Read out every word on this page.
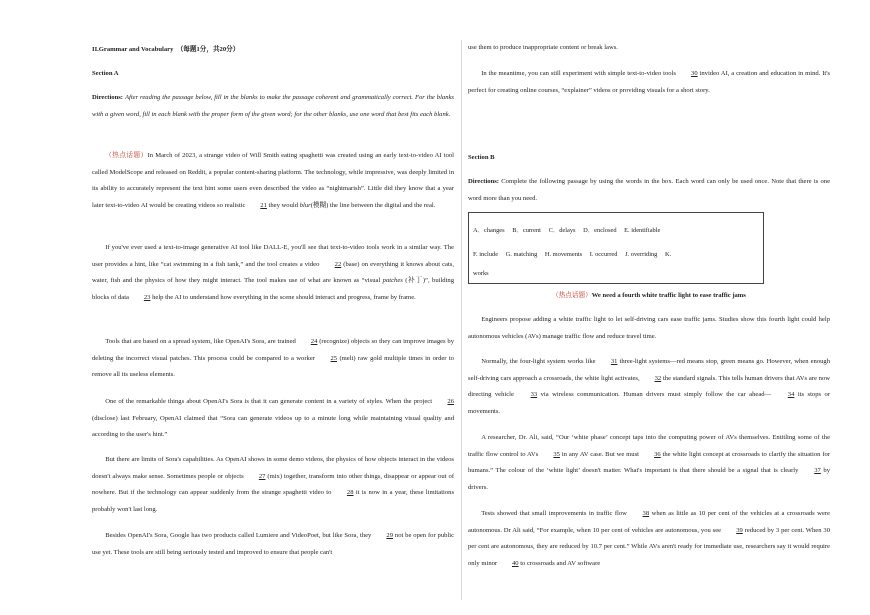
II.Grammar and Vocabulary （每题1分，共20分）

Section A

Directions: After reading the passage below, fill in the blanks to make the passage coherent and grammatically correct. For the blanks with a given word, fill in each blank with the proper form of the given word; for the other blanks, use one word that best fits each blank.

（热点话题）In March of 2023, a strange video of Will Smith eating spaghetti was created using an early text-to-video AI tool called ModelScope and released on Reddit, a popular content-sharing platform. The technology, while impressive, was deeply limited in its ability to accurately represent the text hint some users even described the video as “nightmarish”. Little did they know that a year later text-to-video AI would be creating videos so realistic 21 they would blur(模糊) the line between the digital and the real.

If you've ever used a text-to-image generative AI tool like DALL-E, you'll see that text-to-video tools work in a similar way. The user provides a hint, like “cat swimming in a fish tank,” and the tool creates a video 22 (base) on everything it knows about cats, water, fish and the physics of how they might interact. The tool makes use of what are known as “visual patches (补丁)”, building blocks of data 23 help the AI to understand how everything in the scene should interact and progress, frame by frame.

Tools that are based on a spread system, like OpenAI's Sora, are trained 24 (recognize) objects so they can improve images by deleting the incorrect visual patches. This process could be compared to a worker 25 (melt) raw gold multiple times in order to remove all its useless elements.

One of the remarkable things about OpenAI's Sora is that it can generate content in a variety of styles. When the project 26 (disclose) last February, OpenAI claimed that “Sora can generate videos up to a minute long while maintaining visual quality and according to the user's hint.”

But there are limits of Sora's capabilities. As OpenAI shows in some demo videos, the physics of how objects interact in the videos doesn't always make sense. Sometimes people or objects 27 (mix) together, transform into other things, disappear or appear out of nowhere. But if the technology can appear suddenly from the strange spaghetti video to 28 it is now in a year, these limitations probably won't last long.

Besides OpenAI's Sora, Google has two products called Lumiere and VideoPoet, but like Sora, they 29 not be open for public use yet. These tools are still being seriously tested and improved to ensure that people can't

use them to produce inappropriate content or break laws.

In the meantime, you can still experiment with simple text-to-video tools 30 invideo AI, a creation and education in mind. It's perfect for creating online courses, “explainer” videos or providing visuals for a short story.

Section B

Directions: Complete the following passage by using the words in the box. Each word can only be used once. Note that there is one word more than you need.

A．changes B．current C．delays D．enclosed E. identifiable
F. include G. matching H. movements I. occurred J. overriding K.
works

（热点话题）We need a fourth white traffic light to ease traffic jams

Engineers propose adding a white traffic light to let self-driving cars ease traffic jams. Studies show this fourth light could help autonomous vehicles (AVs) manage traffic flow and reduce travel time.

Normally, the four-light system works like 31 three-light systems—red means stop, green means go. However, when enough self-driving cars approach a crossroads, the white light activates, 32 the standard signals. This tells human drivers that AVs are now directing vehicle	33 via wireless communication. Human drivers must simply follow the car ahead—	34 its stops or movements.

A researcher, Dr. Ali, said, “Our ‘white phase’ concept taps into the computing power of AVs themselves. Entitling some of the traffic flow control to AVs 35 in any AV case. But we must 36 the white light concept at crossroads to clarify the situation for humans.” The colour of the ‘white light’ doesn't matter. What's important is that there should be a signal that is clearly 37 by drivers.

Tests showed that small improvements in traffic flow 38 when as little as 10 per cent of the vehicles at a crossroads were autonomous. Dr Ali said, “For example, when 10 per cent of vehicles are autonomous, you see 39 reduced by 3 per cent. When 30 per cent are autonomous, they are reduced by 10.7 per cent.” While AVs aren't ready for immediate use, researchers say it would require only minor 40 to crossroads and AV software
